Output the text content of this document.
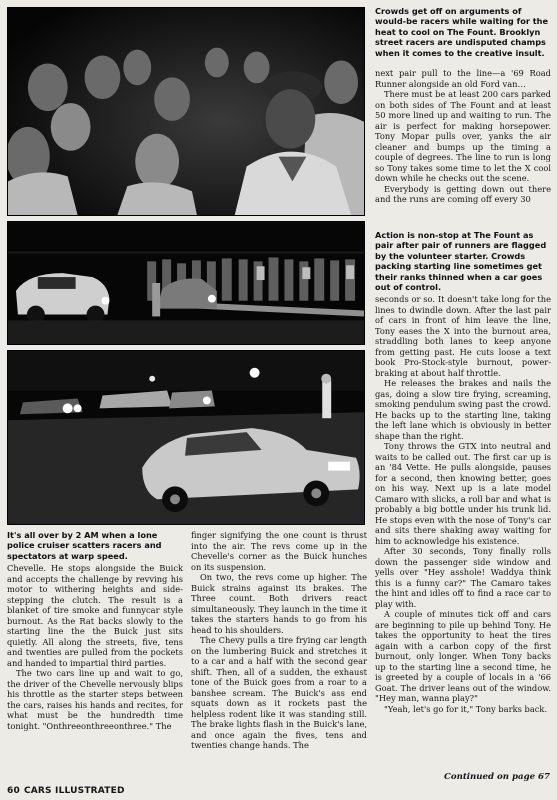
Crowds get off on arguments of would-be racers while waiting for the heat to cool on The Fount. Brooklyn street racers are undisputed champs when it comes to the creative insult.
Action is non-stop at The Fount as pair after pair of runners are flagged by the volunteer starter. Crowds packing starting line sometimes get their ranks thinned when a car goes out of control.
It's all over by 2 AM when a lone police cruiser scatters racers and spectators at warp speed.

next pair pull to the line—a '69 Road Runner alongside an old Ford van…

There must be at least 200 cars parked on both sides of The Fount and at least 50 more lined up and waiting to run. The air is perfect for making horsepower. Tony Mopar pulls over, yanks the air cleaner and bumps up the timing a couple of degrees. The line to run is long so Tony takes some time to let the X cool down while he checks out the scene.

Everybody is getting down out there and the runs are coming off every 30

seconds or so. It doesn't take long for the lines to dwindle down. After the last pair of cars in front of him leave the line, Tony eases the X into the burnout area, straddling both lanes to keep anyone from getting past. He cuts loose a text book Pro-Stock-style burnout, power-braking at about half throttle.

He releases the brakes and nails the gas, doing a slow tire frying, screaming, smoking pendulum swing past the crowd. He backs up to the starting line, taking the left lane which is obviously in better shape than the right.

Tony throws the GTX into neutral and waits to be called out. The first car up is an '84 Vette. He pulls alongside, pauses for a second, then knowing better, goes on his way. Next up is a late model Camaro with slicks, a roll bar and what is probably a big bottle under his trunk lid. He stops even with the nose of Tony's car and sits there shaking away waiting for him to acknowledge his existence.

After 30 seconds, Tony finally rolls down the passenger side window and yells over "Hey asshole! Waddya think this is a funny car?" The Camaro takes the hint and idles off to find a race car to play with.

A couple of minutes tick off and cars are beginning to pile up behind Tony. He takes the opportunity to heat the tires again with a carbon copy of the first burnout, only longer. When Tony backs up to the starting line a second time, he is greeted by a couple of locals in a '66 Goat. The driver leans out of the window. "Hey man, wanna play?"

"Yeah, let's go for it," Tony barks back.

Chevelle. He stops alongside the Buick and accepts the challenge by revving his motor to withering heights and side-stepping the clutch. The result is a blanket of tire smoke and funnycar style burnout. As the Rat backs slowly to the starting line the the Buick just sits quietly. All along the streets, five, tens and twenties are pulled from the pockets and handed to impartial third parties.

The two cars line up and wait to go, the driver of the Chevelle nervously blips his throttle as the starter steps between the cars, raises his hands and recites, for what must be the hundredth time tonight. "Onthreeonthreeonthree." The

finger signifying the one count is thrust into the air. The revs come up in the Chevelle's corner as the Buick hunches on its suspension.

On two, the revs come up higher. The Buick strains against its brakes. The Three count. Both drivers react simultaneously. They launch in the time it takes the starters hands to go from his head to his shoulders.

The Chevy pulls a tire frying car length on the lumbering Buick and stretches it to a car and a half with the second gear shift. Then, all of a sudden, the exhaust tone of the Buick goes from a roar to a banshee scream. The Buick's ass end squats down as it rockets past the helpless rodent like it was standing still. The brake lights flash in the Buick's lane, and once again the fives, tens and twenties change hands. The

Continued on page 67
60 CARS ILLUSTRATED
